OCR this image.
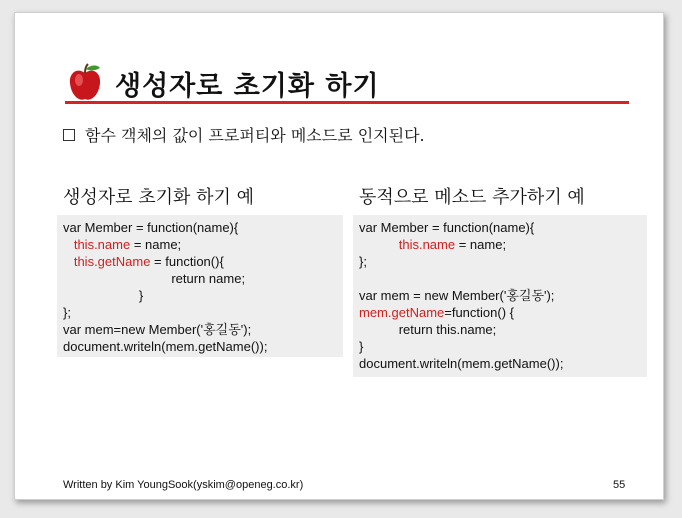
생성자로 초기화 하기
함수 객체의 값이 프로퍼티와 메소드로 인지된다.
생성자로 초기화 하기 예	동적으로 메소드 추가하기 예
var Member = function(name){
this.name = name;
this.getName = function(){
return name;
}
};
var mem=new Member('홍길동');
document.writeln(mem.getName());
var Member = function(name){
this.name = name;
};
var mem = new Member('홍길동');
mem.getName=function() {
return this.name;
}
document.writeln(mem.getName());
Written by Kim YoungSook(yskim@openeg.co.kr)	55
